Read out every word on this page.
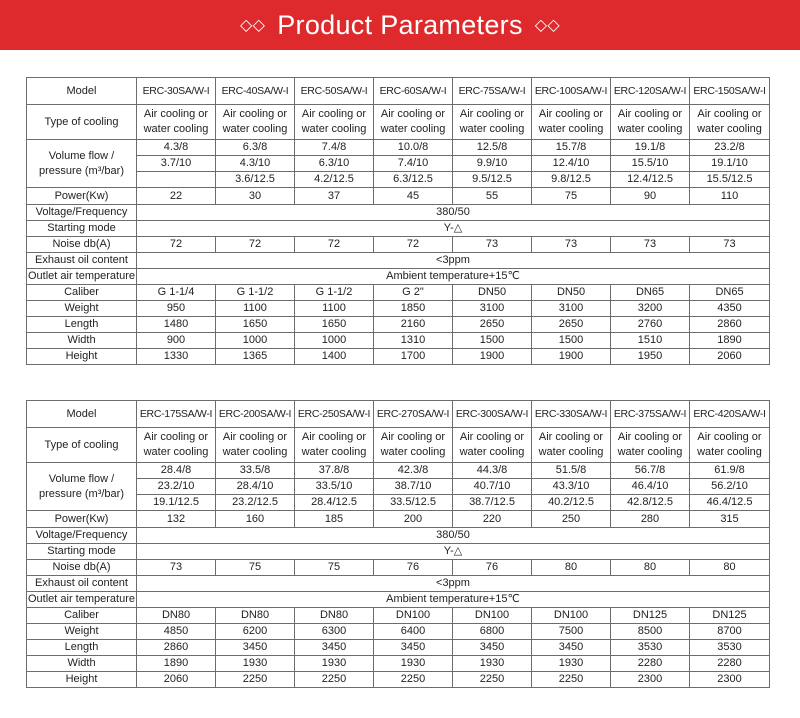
◇◇ Product Parameters ◇◇
Model	ERC-30SA/W-I	ERC-40SA/W-I	ERC-50SA/W-I	ERC-60SA/W-I	ERC-75SA/W-I	ERC-100SA/W-I	ERC-120SA/W-I	ERC-150SA/W-I
Type of cooling	Air cooling or water cooling	Air cooling or water cooling	Air cooling or water cooling	Air cooling or water cooling	Air cooling or water cooling	Air cooling or water cooling	Air cooling or water cooling	Air cooling or water cooling
Volume flow / pressure (m³/bar)	4.3/8	6.3/8	7.4/8	10.0/8	12.5/8	15.7/8	19.1/8	23.2/8
	3.7/10	4.3/10	6.3/10	7.4/10	9.9/10	12.4/10	15.5/10	19.1/10
		3.6/12.5	4.2/12.5	6.3/12.5	9.5/12.5	9.8/12.5	12.4/12.5	15.5/12.5
Power(Kw)	22	30	37	45	55	75	90	110
Voltage/Frequency	380/50							
Starting mode	Y-△							
Noise db(A)	72	72	72	72	73	73	73	73
Exhaust oil content	<3ppm							
Outlet air temperature	Ambient temperature+15℃							
Caliber	G 1-1/4	G 1-1/2	G 1-1/2	G 2"	DN50	DN50	DN65	DN65
Weight	950	1100	1100	1850	3100	3100	3200	4350
Length	1480	1650	1650	2160	2650	2650	2760	2860
Width	900	1000	1000	1310	1500	1500	1510	1890
Height	1330	1365	1400	1700	1900	1900	1950	2060
Model	ERC-175SA/W-I	ERC-200SA/W-I	ERC-250SA/W-I	ERC-270SA/W-I	ERC-300SA/W-I	ERC-330SA/W-I	ERC-375SA/W-I	ERC-420SA/W-I
Type of cooling	Air cooling or water cooling	Air cooling or water cooling	Air cooling or water cooling	Air cooling or water cooling	Air cooling or water cooling	Air cooling or water cooling	Air cooling or water cooling	Air cooling or water cooling
Volume flow / pressure (m³/bar)	28.4/8	33.5/8	37.8/8	42.3/8	44.3/8	51.5/8	56.7/8	61.9/8
	23.2/10	28.4/10	33.5/10	38.7/10	40.7/10	43.3/10	46.4/10	56.2/10
	19.1/12.5	23.2/12.5	28.4/12.5	33.5/12.5	38.7/12.5	40.2/12.5	42.8/12.5	46.4/12.5
Power(Kw)	132	160	185	200	220	250	280	315
Voltage/Frequency	380/50							
Starting mode	Y-△							
Noise db(A)	73	75	75	76	76	80	80	80
Exhaust oil content	<3ppm							
Outlet air temperature	Ambient temperature+15℃							
Caliber	DN80	DN80	DN80	DN100	DN100	DN100	DN125	DN125
Weight	4850	6200	6300	6400	6800	7500	8500	8700
Length	2860	3450	3450	3450	3450	3450	3530	3530
Width	1890	1930	1930	1930	1930	1930	2280	2280
Height	2060	2250	2250	2250	2250	2250	2300	2300
